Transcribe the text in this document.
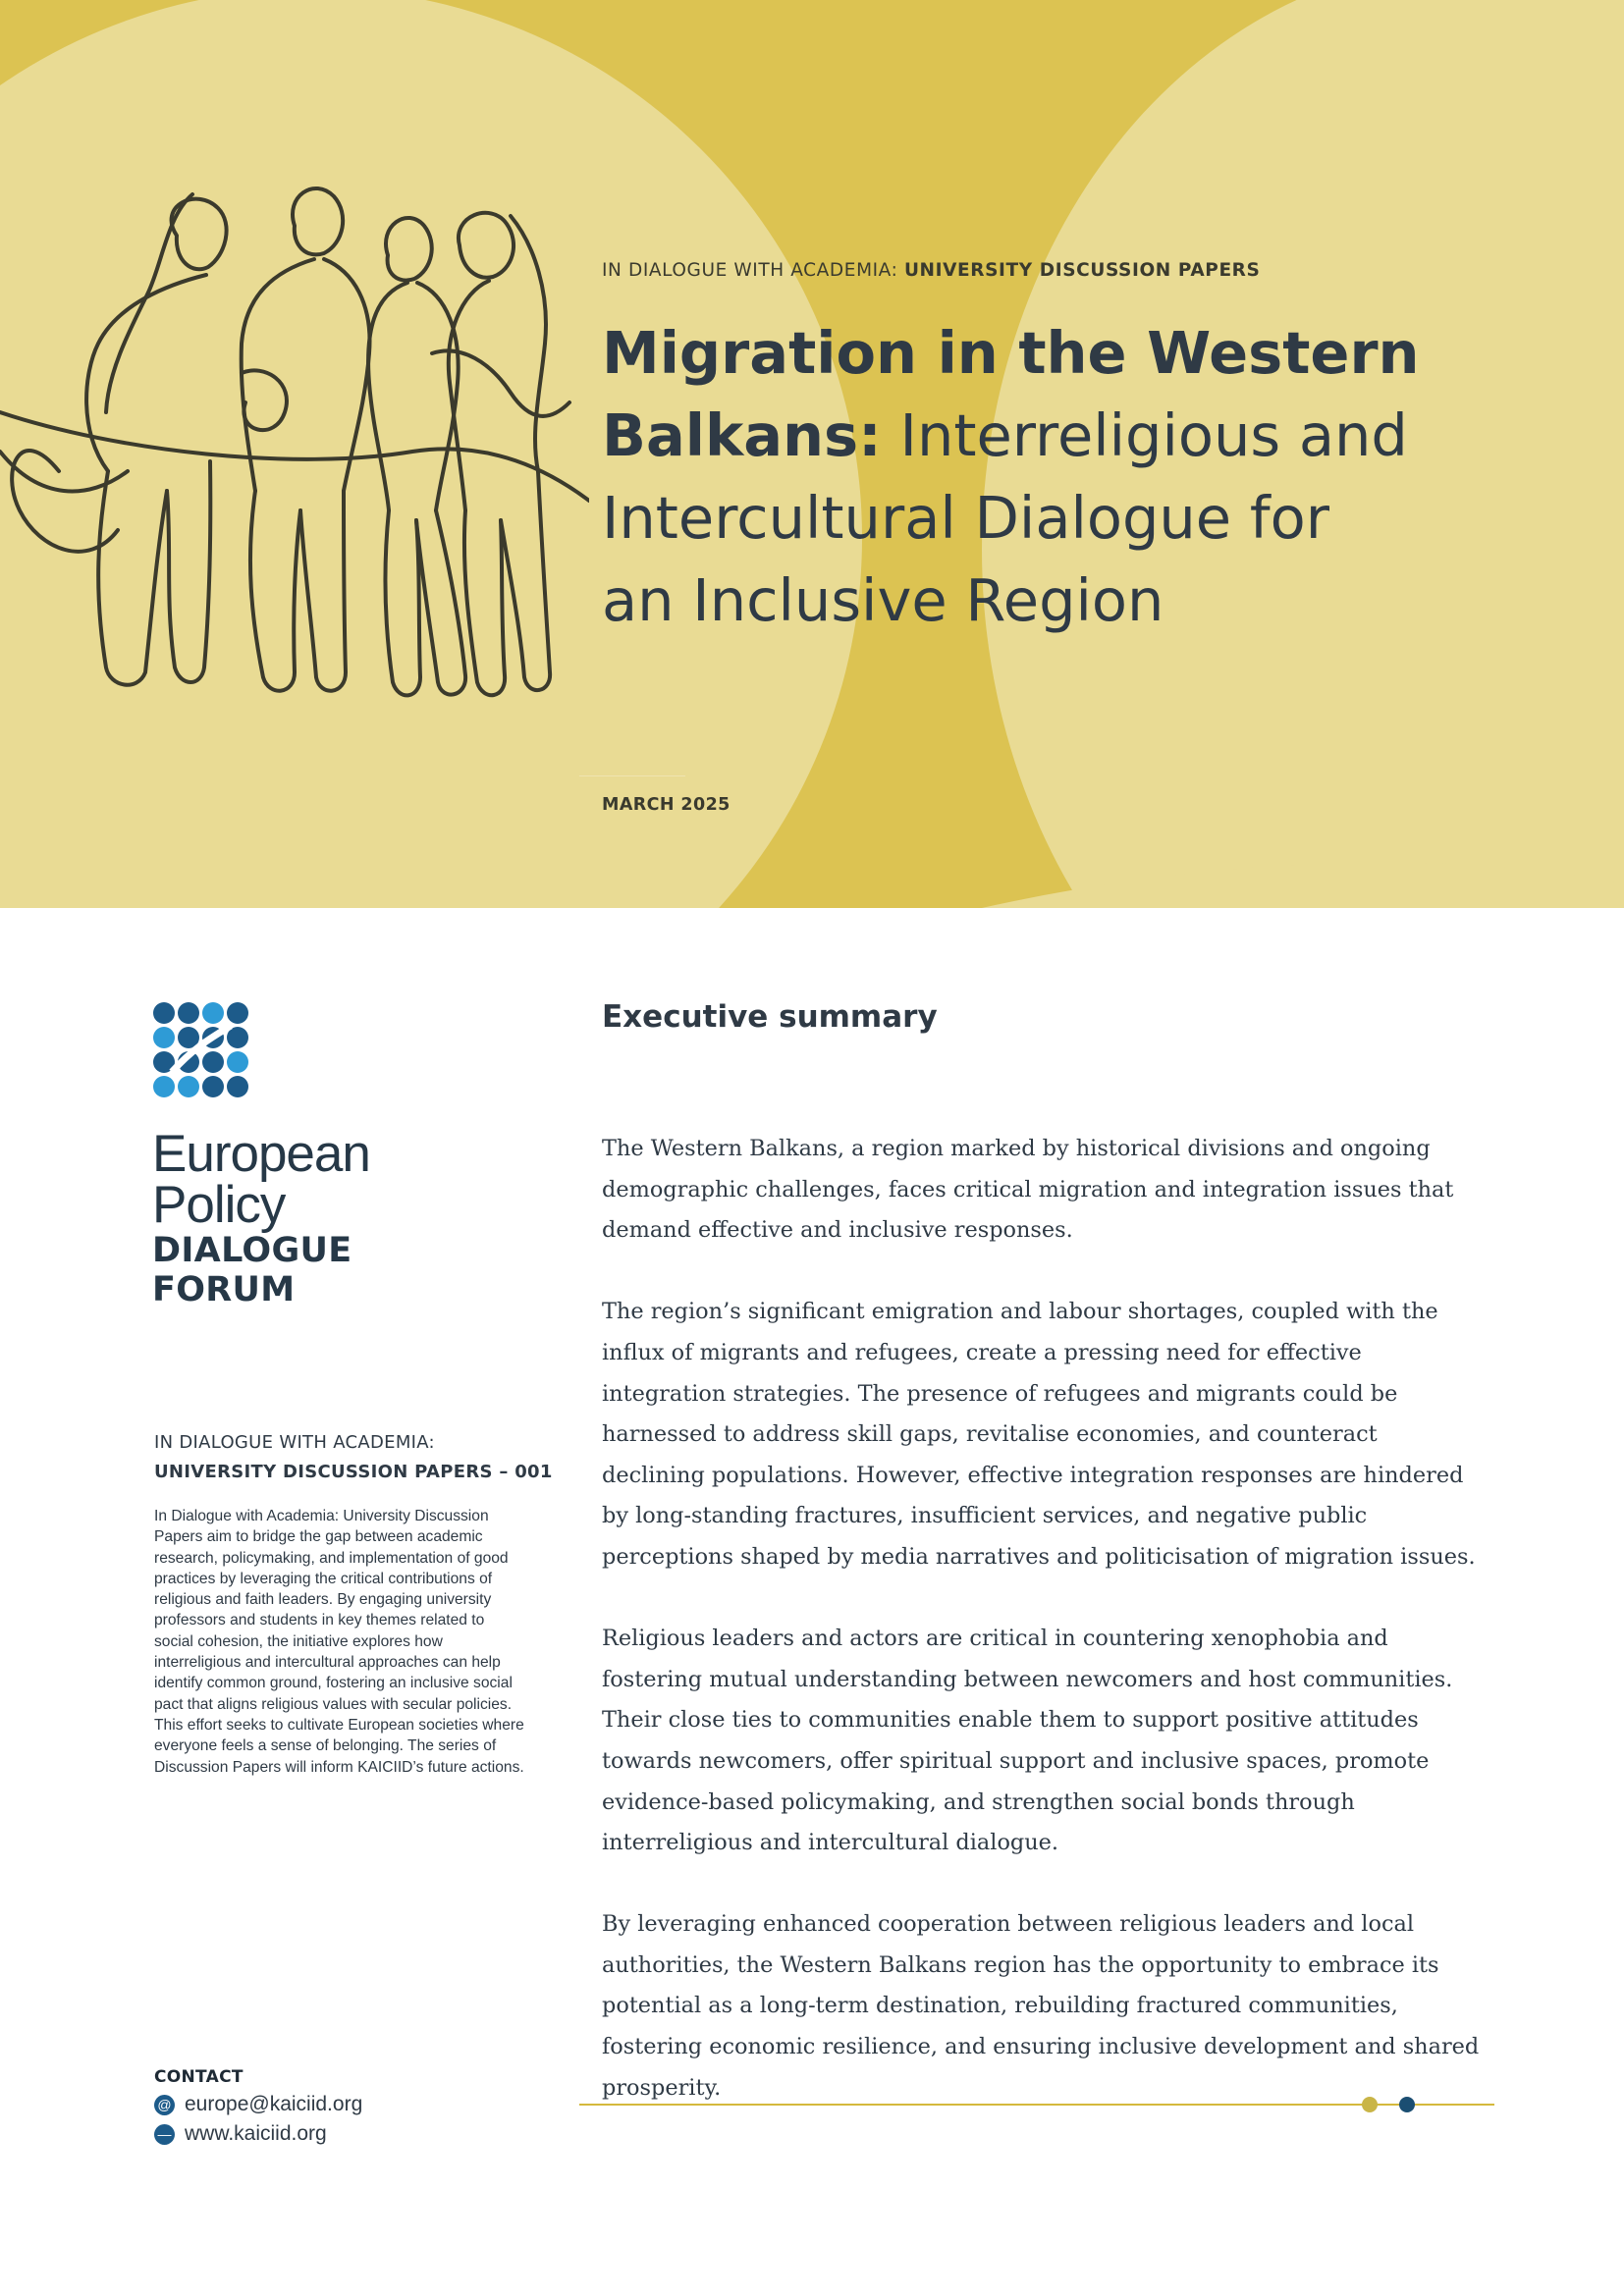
IN DIALOGUE WITH ACADEMIA: UNIVERSITY DISCUSSION PAPERS
Migration in the Western
Balkans: Interreligious and
Intercultural Dialogue for
an Inclusive Region
MARCH 2025
European
Policy
DIALOGUE
FORUM
IN DIALOGUE WITH ACADEMIA:
UNIVERSITY DISCUSSION PAPERS – 001

In Dialogue with Academia: University Discussion Papers aim to bridge the gap between academic research, policymaking, and implementation of good practices by leveraging the critical contributions of religious and faith leaders. By engaging university professors and students in key themes related to social cohesion, the initiative explores how interreligious and intercultural approaches can help identify common ground, fostering an inclusive social pact that aligns religious values with secular policies. This effort seeks to cultivate European societies where everyone feels a sense of belonging. The series of Discussion Papers will inform KAICIID’s future actions.

CONTACT
@ europe@kaiciid.org
— www.kaiciid.org
Executive summary

The Western Balkans, a region marked by historical divisions and ongoing demographic challenges, faces critical migration and integration issues that demand effective and inclusive responses.

The region’s significant emigration and labour shortages, coupled with the influx of migrants and refugees, create a pressing need for effective integration strategies. The presence of refugees and migrants could be harnessed to address skill gaps, revitalise economies, and counteract declining populations. However, effective integration responses are hindered by long-standing fractures, insufficient services, and negative public perceptions shaped by media narratives and politicisation of migration issues.

Religious leaders and actors are critical in countering xenophobia and fostering mutual understanding between newcomers and host communities. Their close ties to communities enable them to support positive attitudes towards newcomers, offer spiritual support and inclusive spaces, promote evidence-based policymaking, and strengthen social bonds through interreligious and intercultural dialogue.

By leveraging enhanced cooperation between religious leaders and local authorities, the Western Balkans region has the opportunity to embrace its potential as a long-term destination, rebuilding fractured communities, fostering economic resilience, and ensuring inclusive development and shared prosperity.
